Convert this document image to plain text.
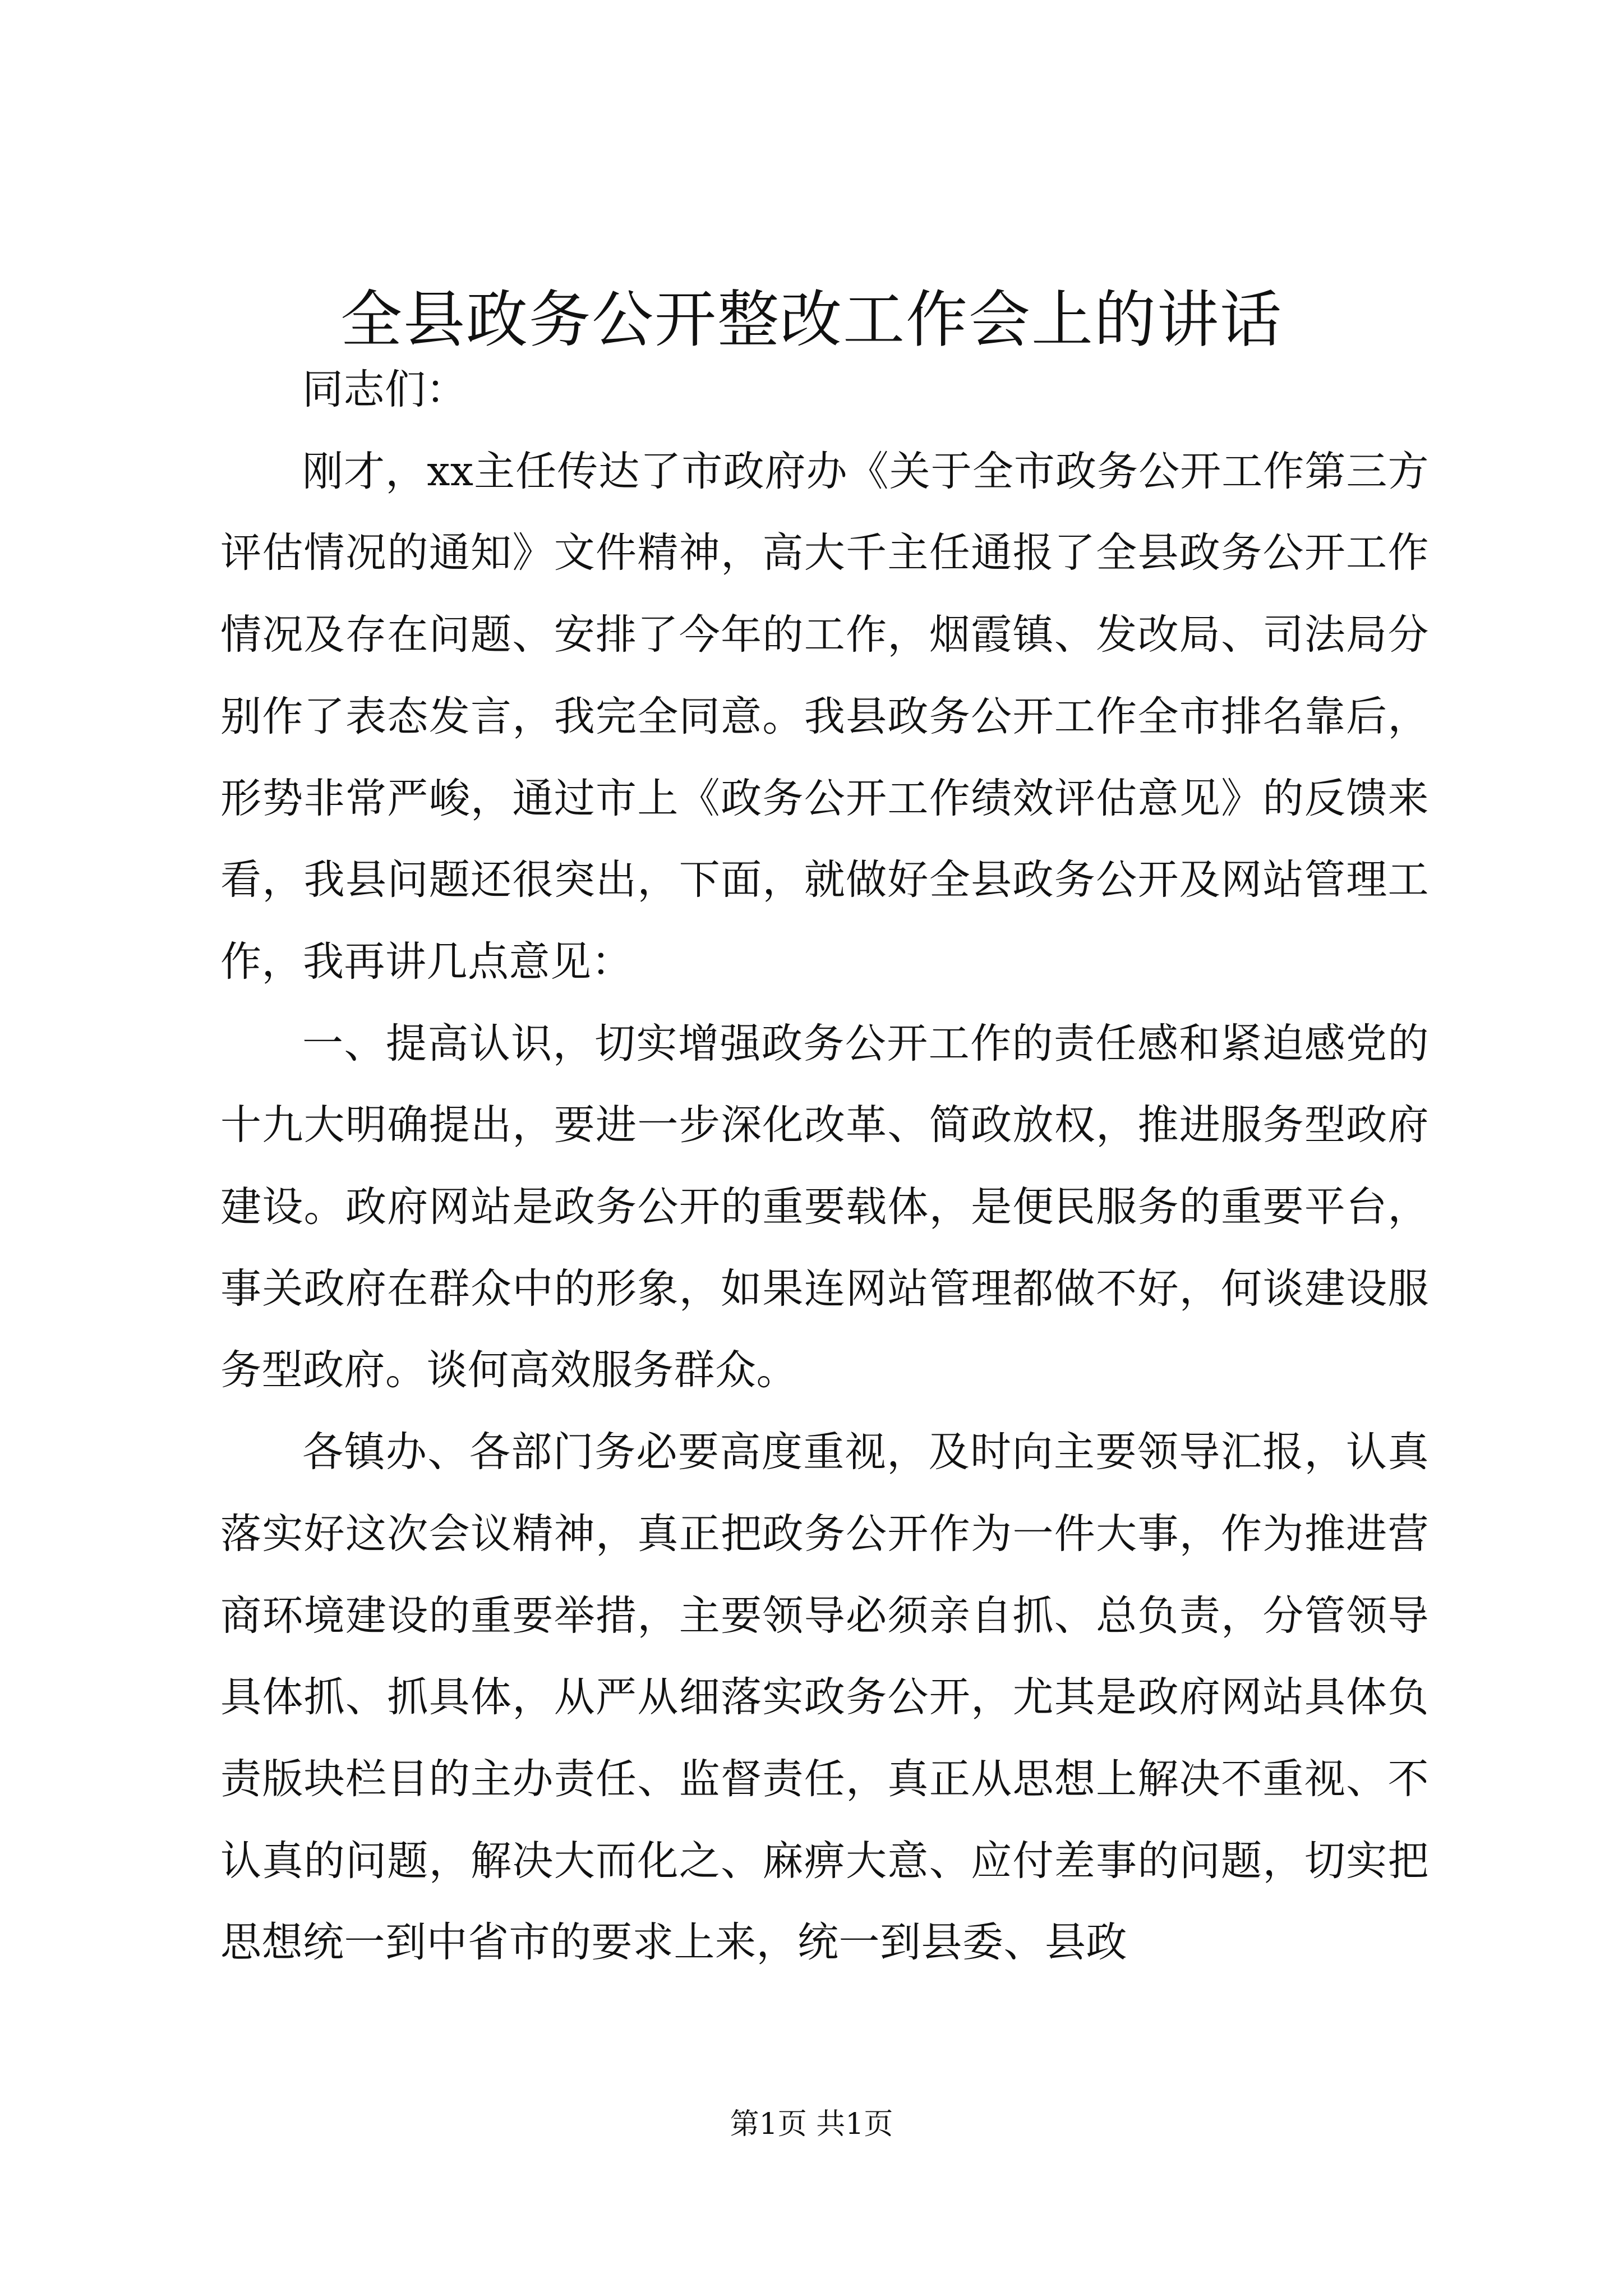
全县政务公开整改工作会上的讲话

同志们：

刚才，xx主任传达了市政府办《关于全市政务公开工作第三方评估情况的通知》文件精神，高大千主任通报了全县政务公开工作情况及存在问题、安排了今年的工作，烟霞镇、发改局、司法局分别作了表态发言，我完全同意。我县政务公开工作全市排名靠后，形势非常严峻，通过市上《政务公开工作绩效评估意见》的反馈来看，我县问题还很突出，下面，就做好全县政务公开及网站管理工作，我再讲几点意见：

一、提高认识，切实增强政务公开工作的责任感和紧迫感党的十九大明确提出，要进一步深化改革、简政放权，推进服务型政府建设。政府网站是政务公开的重要载体，是便民服务的重要平台，事关政府在群众中的形象，如果连网站管理都做不好，何谈建设服务型政府。谈何高效服务群众。

各镇办、各部门务必要高度重视，及时向主要领导汇报，认真落实好这次会议精神，真正把政务公开作为一件大事，作为推进营商环境建设的重要举措，主要领导必须亲自抓、总负责，分管领导具体抓、抓具体，从严从细落实政务公开，尤其是政府网站具体负责版块栏目的主办责任、监督责任，真正从思想上解决不重视、不认真的问题，解决大而化之、麻痹大意、应付差事的问题，切实把思想统一到中省市的要求上来，统一到县委、县政

第1页 共1页
